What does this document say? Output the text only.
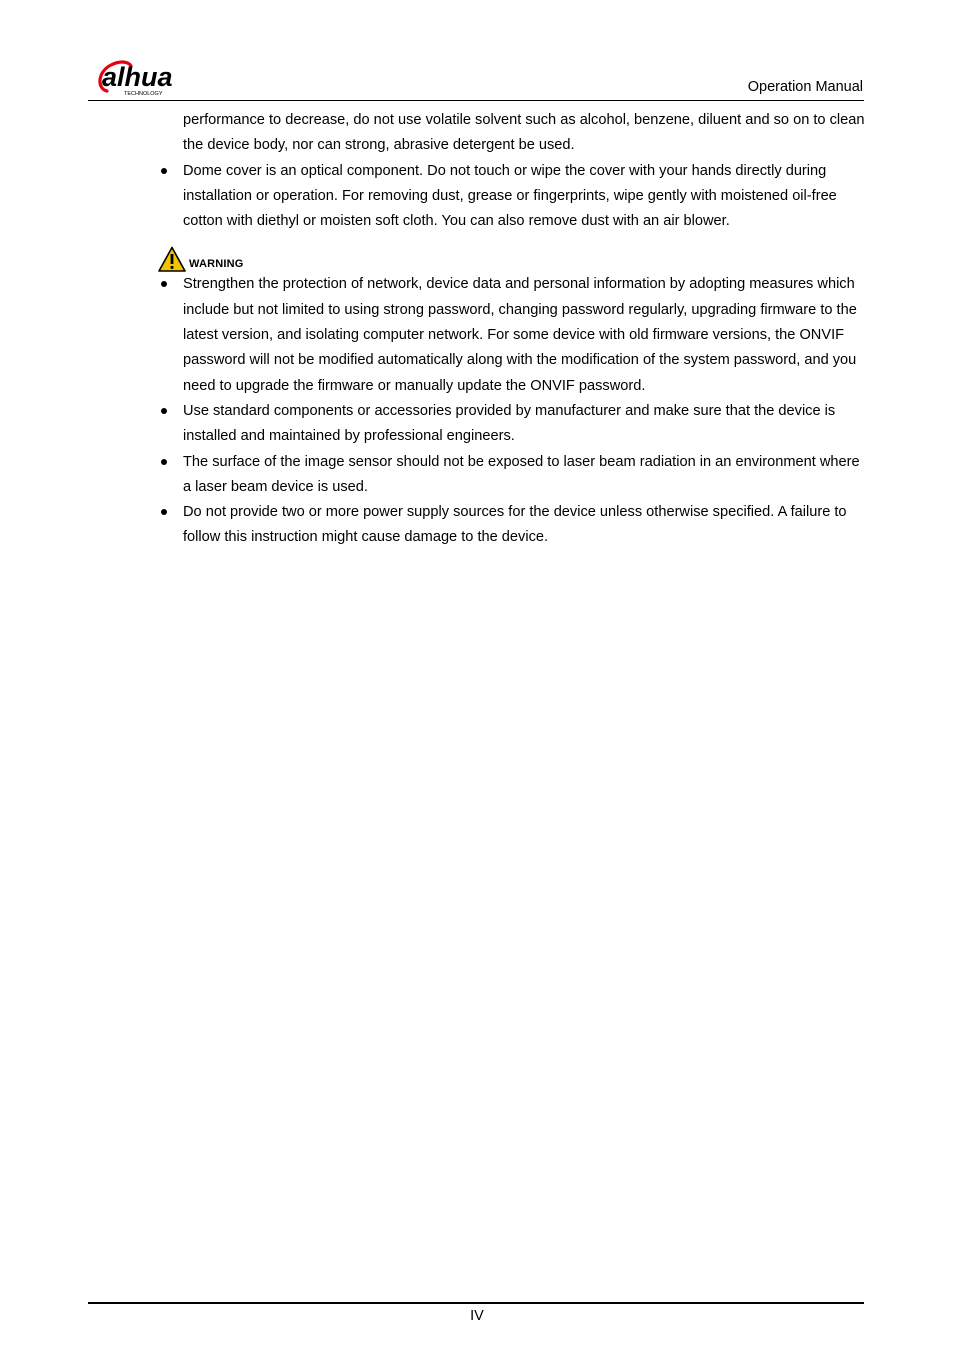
alhua
TECHNOLOGY	Operation Manual

performance to decrease, do not use volatile solvent such as alcohol, benzene, diluent and so on to clean the device body, nor can strong, abrasive detergent be used.

Dome cover is an optical component. Do not touch or wipe the cover with your hands directly during installation or operation. For removing dust, grease or fingerprints, wipe gently with moistened oil-free cotton with diethyl or moisten soft cloth. You can also remove dust with an air blower.
WARNING
Strengthen the protection of network, device data and personal information by adopting measures which include but not limited to using strong password, changing password regularly, upgrading firmware to the latest version, and isolating computer network. For some device with old firmware versions, the ONVIF password will not be modified automatically along with the modification of the system password, and you need to upgrade the firmware or manually update the ONVIF password.
Use standard components or accessories provided by manufacturer and make sure that the device is installed and maintained by professional engineers.
The surface of the image sensor should not be exposed to laser beam radiation in an environment where a laser beam device is used.
Do not provide two or more power supply sources for the device unless otherwise specified. A failure to follow this instruction might cause damage to the device.
IV
